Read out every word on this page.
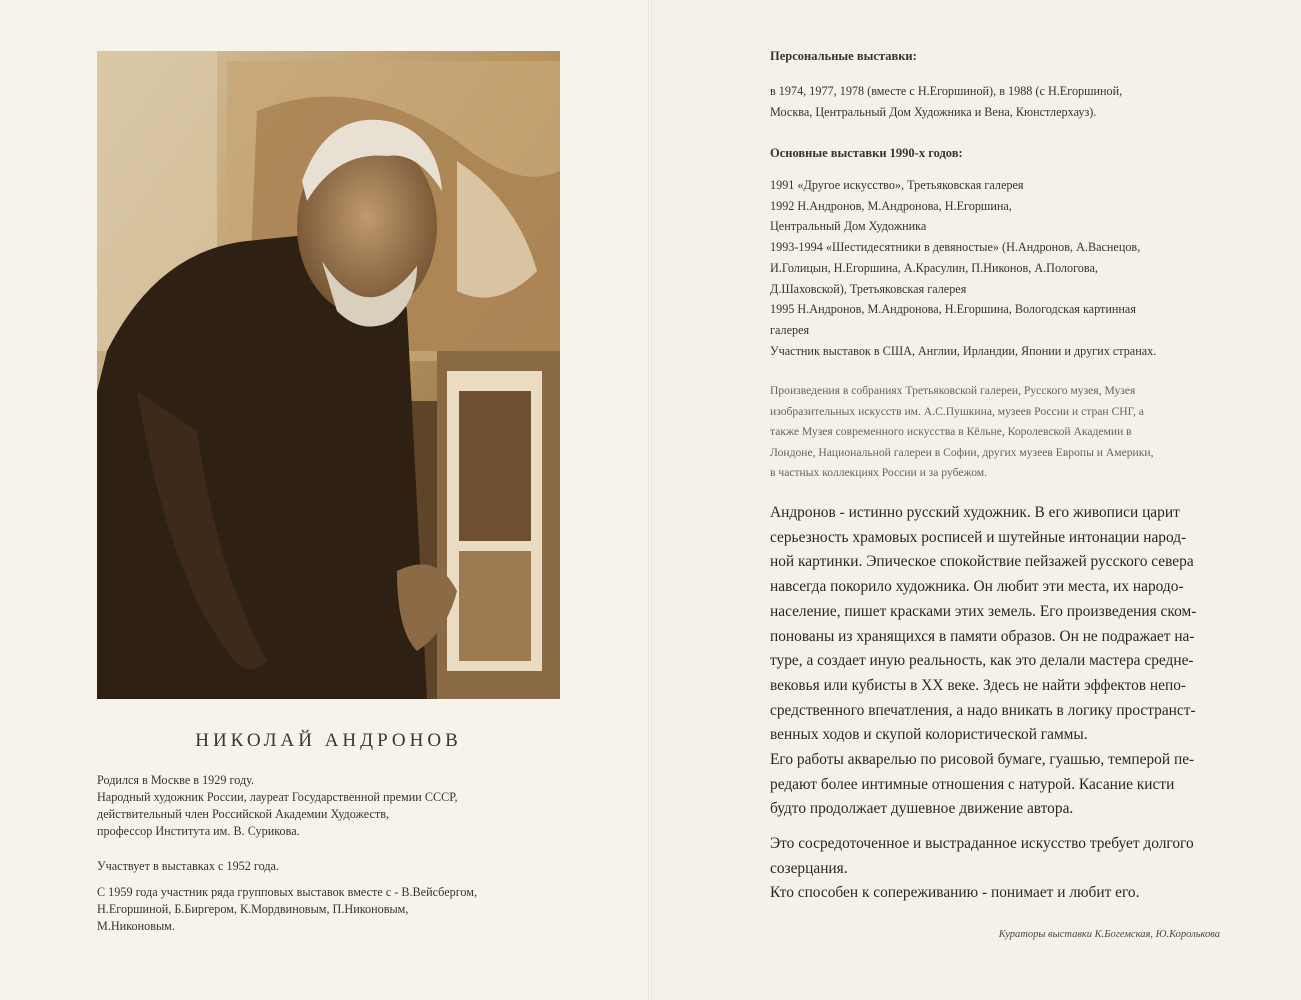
НИКОЛАЙ АНДРОНОВ
Родился в Москве в 1929 году.
Народный художник России, лауреат Государственной премии СССР,
действительный член Российской Академии Художеств,
профессор Института им. В. Сурикова.
Участвует в выставках с 1952 года.
С 1959 года участник ряда групповых выставок вместе с - В.Вейсбергом,
Н.Егоршиной, Б.Биргером, К.Мордвиновым, П.Никоновым,
М.Никоновым.
Персональные выставки:
в 1974, 1977, 1978 (вместе с Н.Егоршиной), в 1988 (с Н.Егоршиной,
Москва, Центральный Дом Художника и Вена, Кюнстлерхауз).
Основные выставки 1990-х годов:
1991 «Другое искусство», Третьяковская галерея
1992 Н.Андронов, М.Андронова, Н.Егоршина,
Центральный Дом Художника
1993-1994 «Шестидесятники в девяностые» (Н.Андронов, А.Васнецов,
И.Голицын, Н.Егоршина, А.Красулин, П.Никонов, А.Пологова,
Д.Шаховской), Третьяковская галерея
1995 Н.Андронов, М.Андронова, Н.Егоршина, Вологодская картинная
галерея
Участник выставок в США, Англии, Ирландии, Японии и других странах.
Произведения в собраниях Третьяковской галереи, Русского музея, Музея
изобразительных искусств им. А.С.Пушкина, музеев России и стран СНГ, а
также Музея современного искусства в Кёльне, Королевской Академии в
Лондоне, Национальной галереи в Софии, других музеев Европы и Америки,
в частных коллекциях России и за рубежом.
Андронов - истинно русский художник. В его живописи царит
серьезность храмовых росписей и шутейные интонации народ-
ной картинки. Эпическое спокойствие пейзажей русского севера
навсегда покорило художника. Он любит эти места, их народо-
население, пишет красками этих земель. Его произведения ском-
понованы из хранящихся в памяти образов. Он не подражает на-
туре, а создает иную реальность, как это делали мастера средне-
вековья или кубисты в XX веке. Здесь не найти эффектов непо-
средственного впечатления, а надо вникать в логику пространст-
венных ходов и скупой колористической гаммы.
Его работы акварелью по рисовой бумаге, гуашью, темперой пе-
редают более интимные отношения с натурой. Касание кисти
будто продолжает душевное движение автора.
Это сосредоточенное и выстраданное искусство требует долгого
созерцания.
Кто способен к сопереживанию - понимает и любит его.
Кураторы выставки К.Богемская, Ю.Королькова
